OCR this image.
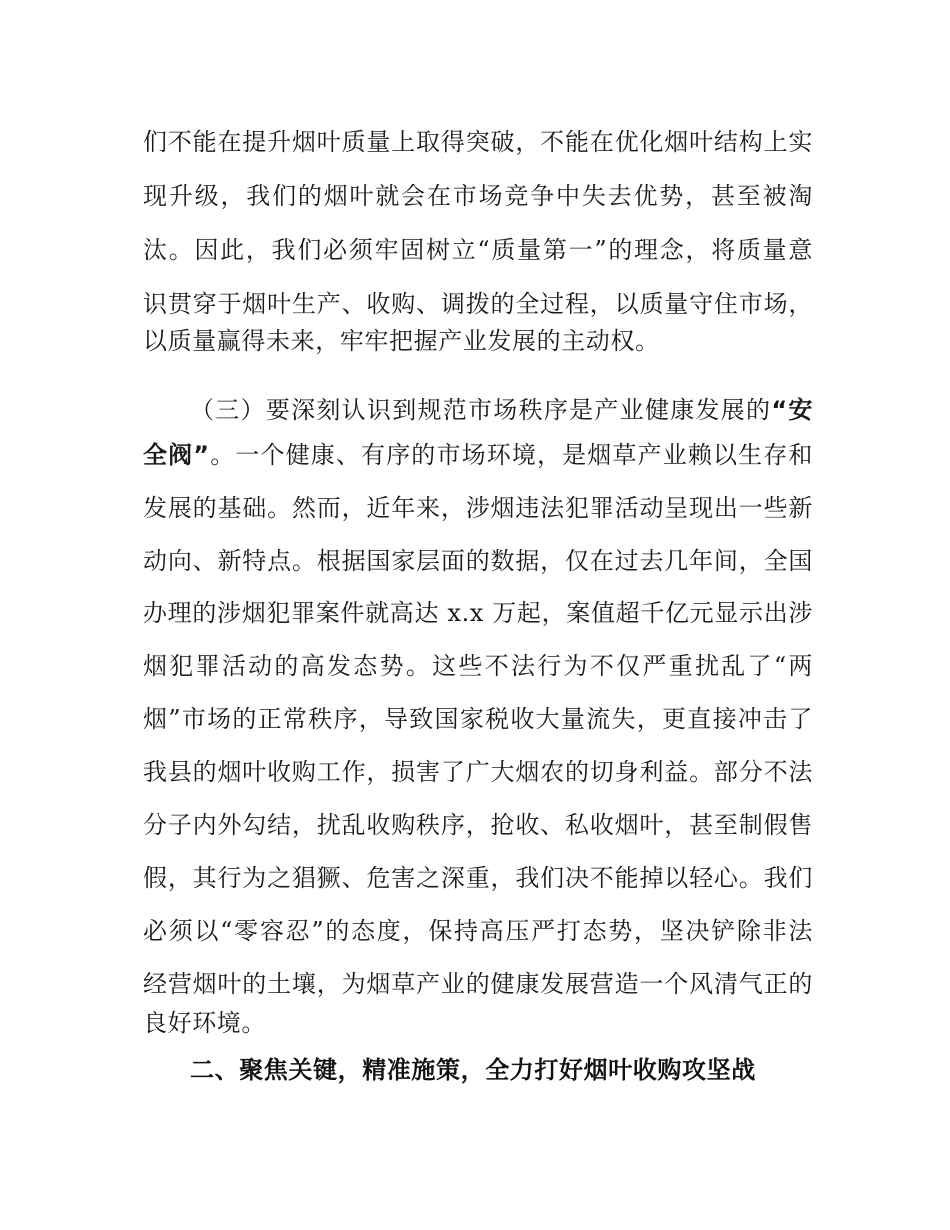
们不能在提升烟叶质量上取得突破，不能在优化烟叶结构上实
现升级，我们的烟叶就会在市场竞争中失去优势，甚至被淘
汰。因此，我们必须牢固树立“质量第一”的理念，将质量意
识贯穿于烟叶生产、收购、调拨的全过程，以质量守住市场，
以质量赢得未来，牢牢把握产业发展的主动权。
（三）要深刻认识到规范市场秩序是产业健康发展的“安
全阀”。一个健康、有序的市场环境，是烟草产业赖以生存和
发展的基础。然而，近年来，涉烟违法犯罪活动呈现出一些新
动向、新特点。根据国家层面的数据，仅在过去几年间，全国
办理的涉烟犯罪案件就高达 x.x 万起，案值超千亿元显示出涉
烟犯罪活动的高发态势。这些不法行为不仅严重扰乱了“两
烟”市场的正常秩序，导致国家税收大量流失，更直接冲击了
我县的烟叶收购工作，损害了广大烟农的切身利益。部分不法
分子内外勾结，扰乱收购秩序，抢收、私收烟叶，甚至制假售
假，其行为之猖獗、危害之深重，我们决不能掉以轻心。我们
必须以“零容忍”的态度，保持高压严打态势，坚决铲除非法
经营烟叶的土壤，为烟草产业的健康发展营造一个风清气正的
良好环境。
二、聚焦关键，精准施策，全力打好烟叶收购攻坚战
